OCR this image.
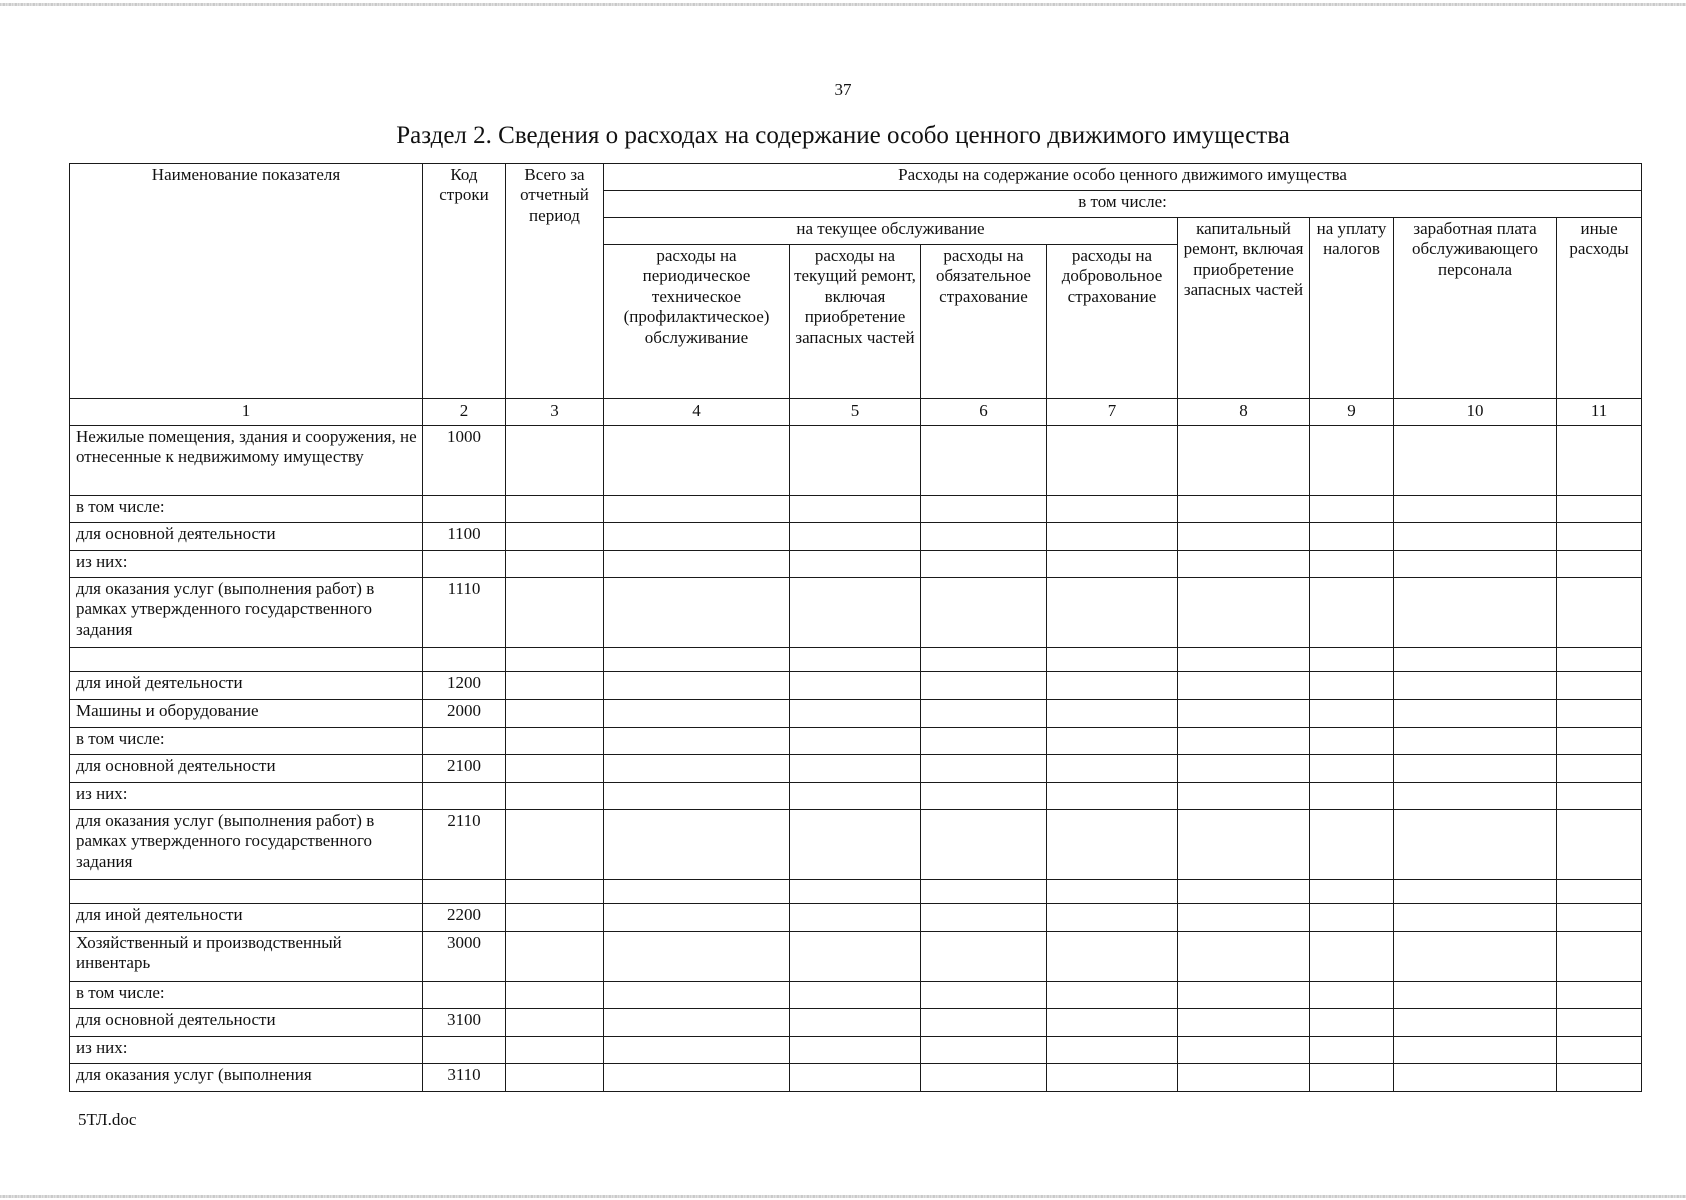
37
Раздел 2. Сведения о расходах на содержание особо ценного движимого имущества
Наименование показателя	Код строки	Всего за отчетный период	Расходы на содержание особо ценного движимого имущества							
			в том числе:							
			на текущее обслуживание				капитальный ремонт, включая приобретение запасных частей	на уплату налогов	заработная плата обслуживающего персонала	иные расходы
			расходы на периодическое техническое (профилактическое) обслуживание	расходы на текущий ремонт, включая приобретение запасных частей	расходы на обязательное страхование	расходы на добровольное страхование				
1	2	3	4	5	6	7	8	9	10	11
Нежилые помещения, здания и сооружения, не отнесенные к недвижимому имуществу	1000									
в том числе:										
для основной деятельности	1100									
из них:										
для оказания услуг (выполнения работ) в рамках утвержденного государственного задания	1110									

для иной деятельности	1200									
Машины и оборудование	2000									
в том числе:										
для основной деятельности	2100									
из них:										
для оказания услуг (выполнения работ) в рамках утвержденного государственного задания	2110									

для иной деятельности	2200									
Хозяйственный и производственный инвентарь	3000									
в том числе:										
для основной деятельности	3100									
из них:										
для оказания услуг (выполнения	3110									
5ТЛ.doc
